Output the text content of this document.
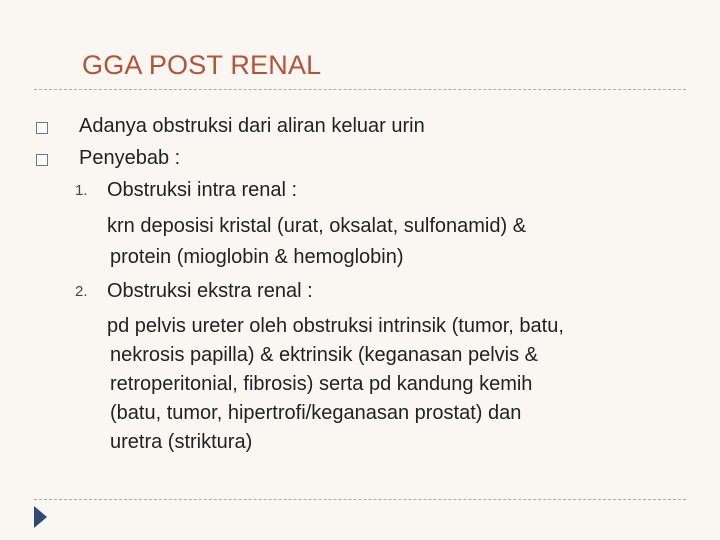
GGA POST RENAL
Adanya obstruksi dari aliran keluar urin
Penyebab :
1. Obstruksi intra renal :
krn deposisi kristal (urat, oksalat, sulfonamid) &
protein (mioglobin & hemoglobin)
2. Obstruksi ekstra renal :
pd pelvis ureter oleh obstruksi intrinsik (tumor, batu,
nekrosis papilla) & ektrinsik (keganasan pelvis &
retroperitonial, fibrosis) serta pd kandung kemih
(batu, tumor, hipertrofi/keganasan prostat) dan
uretra (striktura)
